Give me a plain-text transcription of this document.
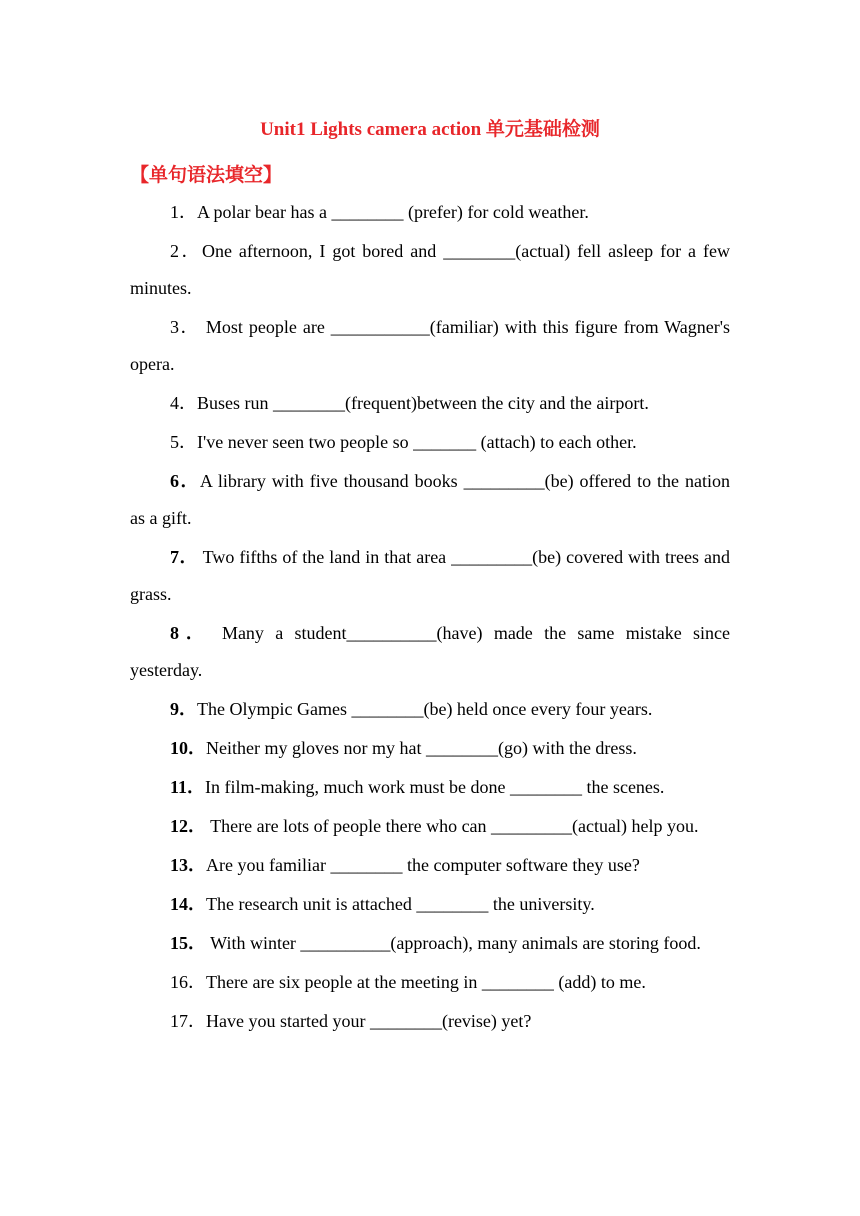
Unit1 Lights camera action 单元基础检测
【单句语法填空】
1．A polar bear has a ________ (prefer) for cold weather.
2．One afternoon, I got bored and ________(actual) fell asleep for a few minutes.
3． Most people are ___________(familiar) with this figure from Wagner's opera.
4．Buses run ________(frequent)between the city and the airport.
5．I've never seen two people so _______ (attach) to each other.
6．A library with five thousand books _________(be) offered to the nation as a gift.
7． Two fifths of the land in that area _________(be) covered with trees and grass.
8． Many a student__________(have) made the same mistake since yesterday.
9．The Olympic Games ________(be) held once every four years.
10．Neither my gloves nor my hat ________(go) with the dress.
11．In film-making, much work must be done ________ the scenes.
12． There are lots of people there who can _________(actual) help you.
13．Are you familiar ________ the computer software they use?
14．The research unit is attached ________ the university.
15． With winter __________(approach), many animals are storing food.
16．There are six people at the meeting in ________ (add) to me.
17．Have you started your ________(revise) yet?
